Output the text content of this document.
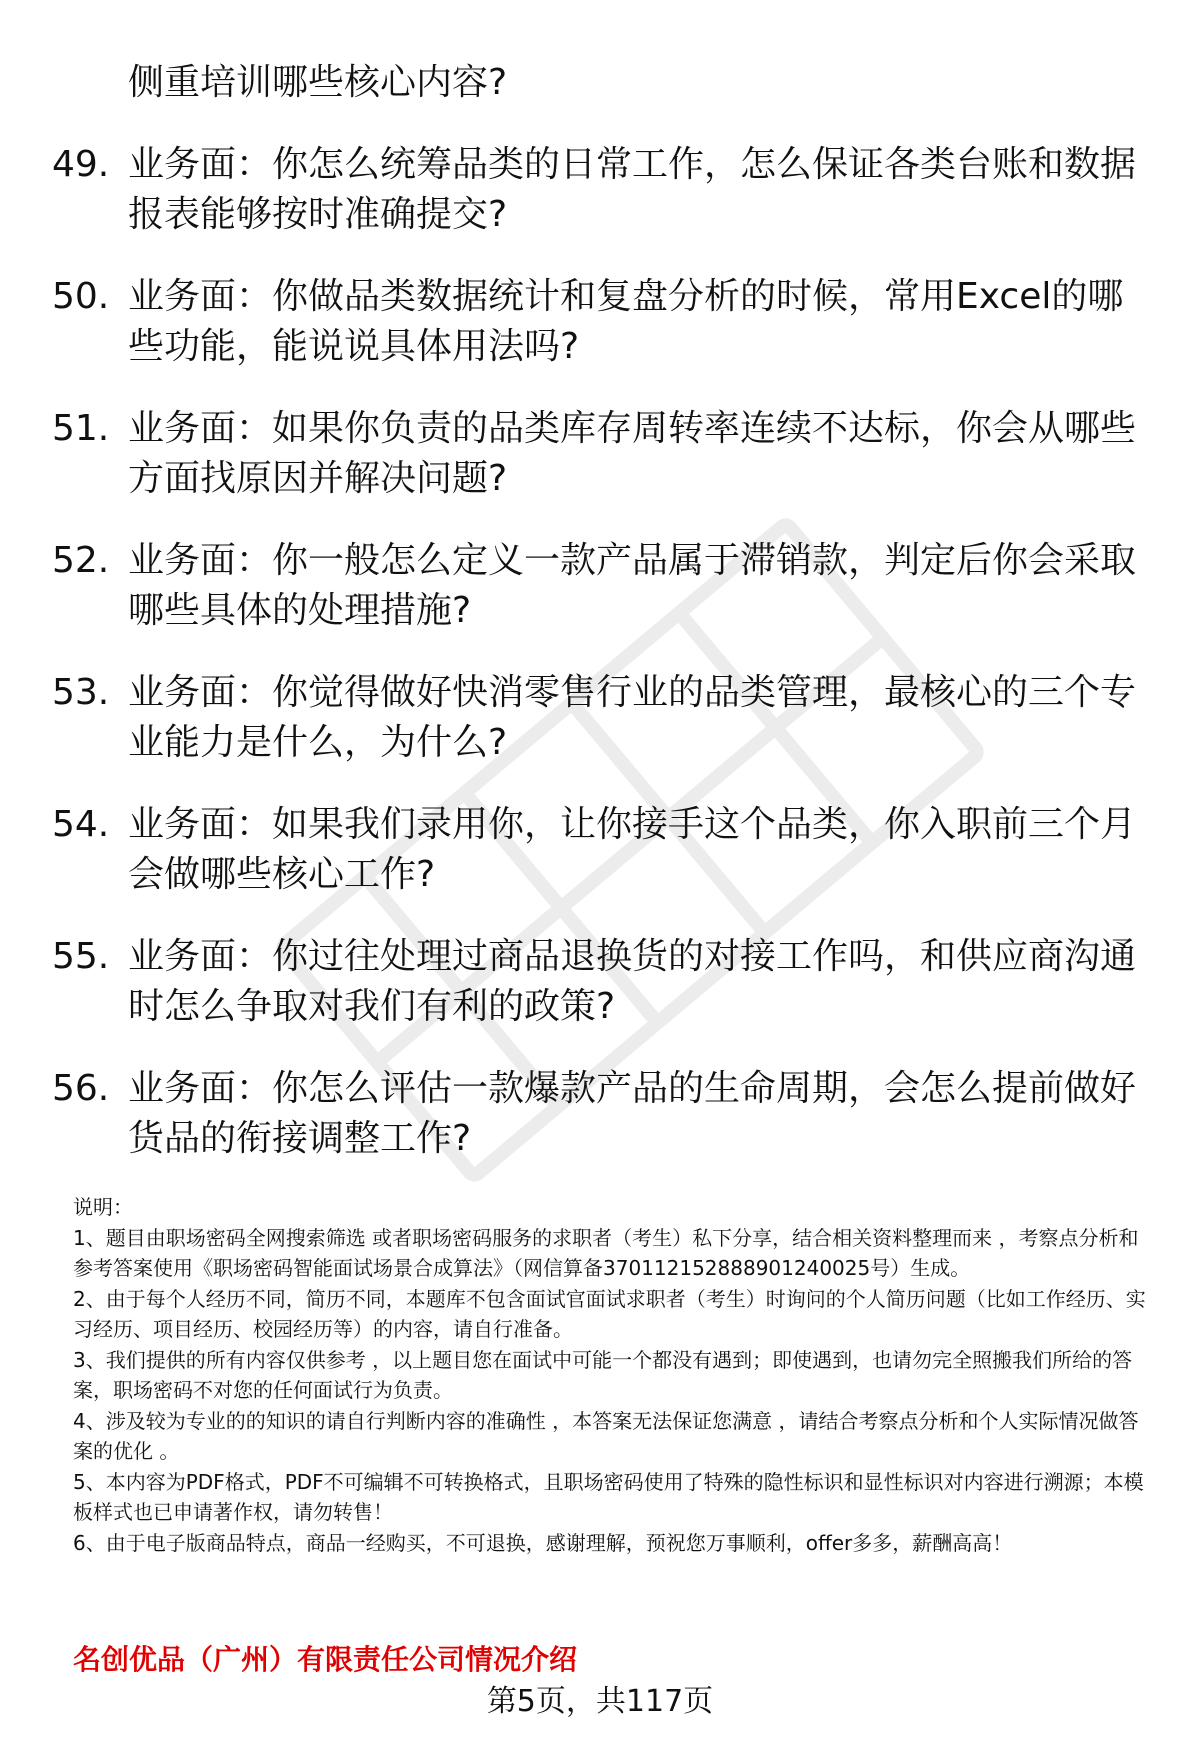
侧重培训哪些核心内容?
49. 业务面：你怎么统筹品类的日常工作，怎么保证各类台账和数据报表能够按时准确提交?
50. 业务面：你做品类数据统计和复盘分析的时候，常用Excel的哪些功能，能说说具体用法吗?
51. 业务面：如果你负责的品类库存周转率连续不达标，你会从哪些方面找原因并解决问题?
52. 业务面：你一般怎么定义一款产品属于滞销款，判定后你会采取哪些具体的处理措施?
53. 业务面：你觉得做好快消零售行业的品类管理，最核心的三个专业能力是什么，为什么?
54. 业务面：如果我们录用你，让你接手这个品类，你入职前三个月会做哪些核心工作?
55. 业务面：你过往处理过商品退换货的对接工作吗，和供应商沟通时怎么争取对我们有利的政策?
56. 业务面：你怎么评估一款爆款产品的生命周期，会怎么提前做好货品的衔接调整工作?

说明：

1、题目由职场密码全网搜索筛选 或者职场密码服务的求职者（考生）私下分享，结合相关资料整理而来 ，考察点分析和参考答案使用《职场密码智能面试场景合成算法》（网信算备370112152888901240025号）生成。

2、由于每个人经历不同，简历不同，本题库不包含面试官面试求职者（考生）时询问的个人简历问题（比如工作经历、实习经历、项目经历、校园经历等）的内容，请自行准备。

3、我们提供的所有内容仅供参考 ，以上题目您在面试中可能一个都没有遇到；即使遇到，也请勿完全照搬我们所给的答案，职场密码不对您的任何面试行为负责。

4、涉及较为专业的的知识的请自行判断内容的准确性 ，本答案无法保证您满意 ，请结合考察点分析和个人实际情况做答案的优化 。

5、本内容为PDF格式，PDF不可编辑不可转换格式，且职场密码使用了特殊的隐性标识和显性标识对内容进行溯源；本模板样式也已申请著作权，请勿转售！

6、由于电子版商品特点，商品一经购买，不可退换，感谢理解，预祝您万事顺利，offer多多，薪酬高高！

名创优品（广州）有限责任公司情况介绍
第5页，共117页
